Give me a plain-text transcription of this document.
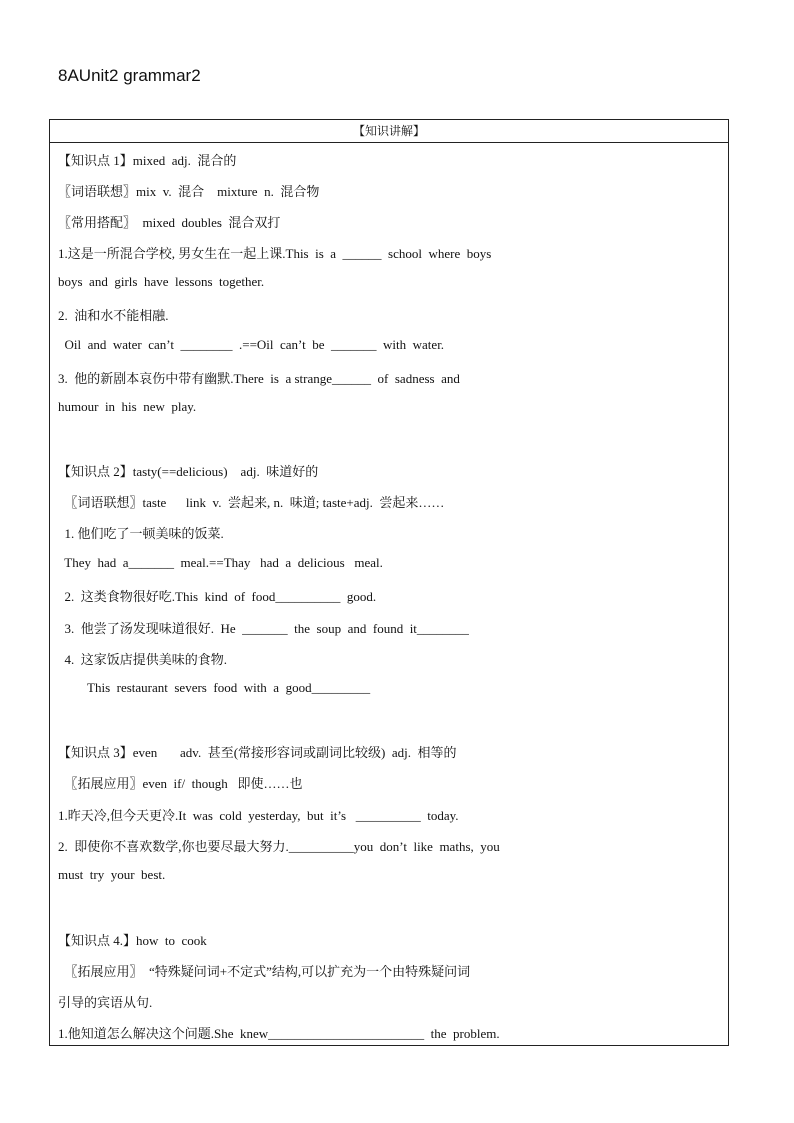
8AUnit2 grammar2
【知识讲解】
【知识点 1】mixed  adj.  混合的
〖词语联想〗mix  v.  混合    mixture  n.  混合物
〖常用搭配〗  mixed  doubles  混合双打
1.这是一所混合学校, 男女生在一起上课.This  is  a  ______  school  where  boys
boys  and  girls  have  lessons  together.
2.  油和水不能相融.
Oil  and  water  can’t  ________  .==Oil  can’t  be  _______  with  water.
3.  他的新剧本哀伤中带有幽默.There  is  a strange______  of  sadness  and
humour  in  his  new  play.
【知识点 2】tasty(==delicious)    adj.  味道好的
〖词语联想〗taste      link  v.  尝起来, n.  味道; taste+adj.  尝起来……
1. 他们吃了一顿美味的饭菜.
They  had  a_______  meal.==Thay   had  a  delicious   meal.
2.  这类食物很好吃.This  kind  of  food__________  good.
3.  他尝了汤发现味道很好.  He  _______  the  soup  and  found  it________
4.  这家饭店提供美味的食物.
This  restaurant  severs  food  with  a  good_________
【知识点 3】even       adv.  甚至(常接形容词或副词比较级)  adj.  相等的
〖拓展应用〗even  if/  though   即使……也
1.昨天冷,但今天更冷.It  was  cold  yesterday,  but  it’s   __________  today.
2.  即使你不喜欢数学,你也要尽最大努力.__________you  don’t  like  maths,  you
must  try  your  best.
【知识点 4.】how  to  cook
〖拓展应用〗  “特殊疑问词+不定式”结构,可以扩充为一个由特殊疑问词
引导的宾语从句.
1.他知道怎么解决这个问题.She  knew________________________  the  problem.
